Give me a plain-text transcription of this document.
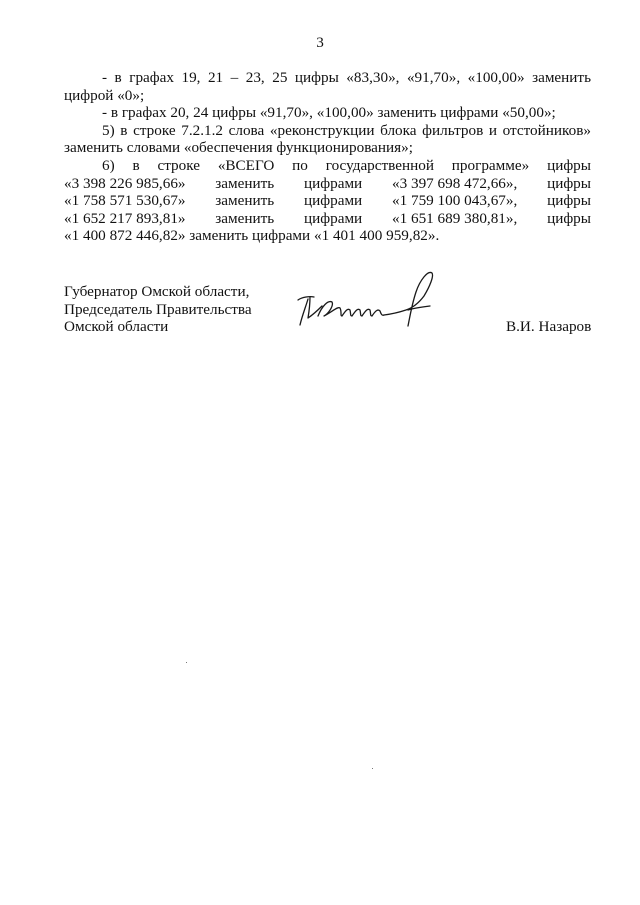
3

- в графах 19, 21 – 23, 25 цифры «83,30», «91,70», «100,00» заменить цифрой «0»;

- в графах 20, 24 цифры «91,70», «100,00» заменить цифрами «50,00»;

5) в строке 7.2.1.2 слова «реконструкции блока фильтров и отстойников» заменить словами «обеспечения функционирования»;

6) в строке «ВСЕГО по государственной программе» цифры
«3 398 226 985,66» заменить цифрами «3 397 698 472,66», цифры
«1 758 571 530,67» заменить цифрами «1 759 100 043,67», цифры
«1 652 217 893,81» заменить цифрами «1 651 689 380,81», цифры
«1 400 872 446,82» заменить цифрами «1 401 400 959,82».
Губернатор Омской области,
Председатель Правительства
Омской области	В.И. Назаров
